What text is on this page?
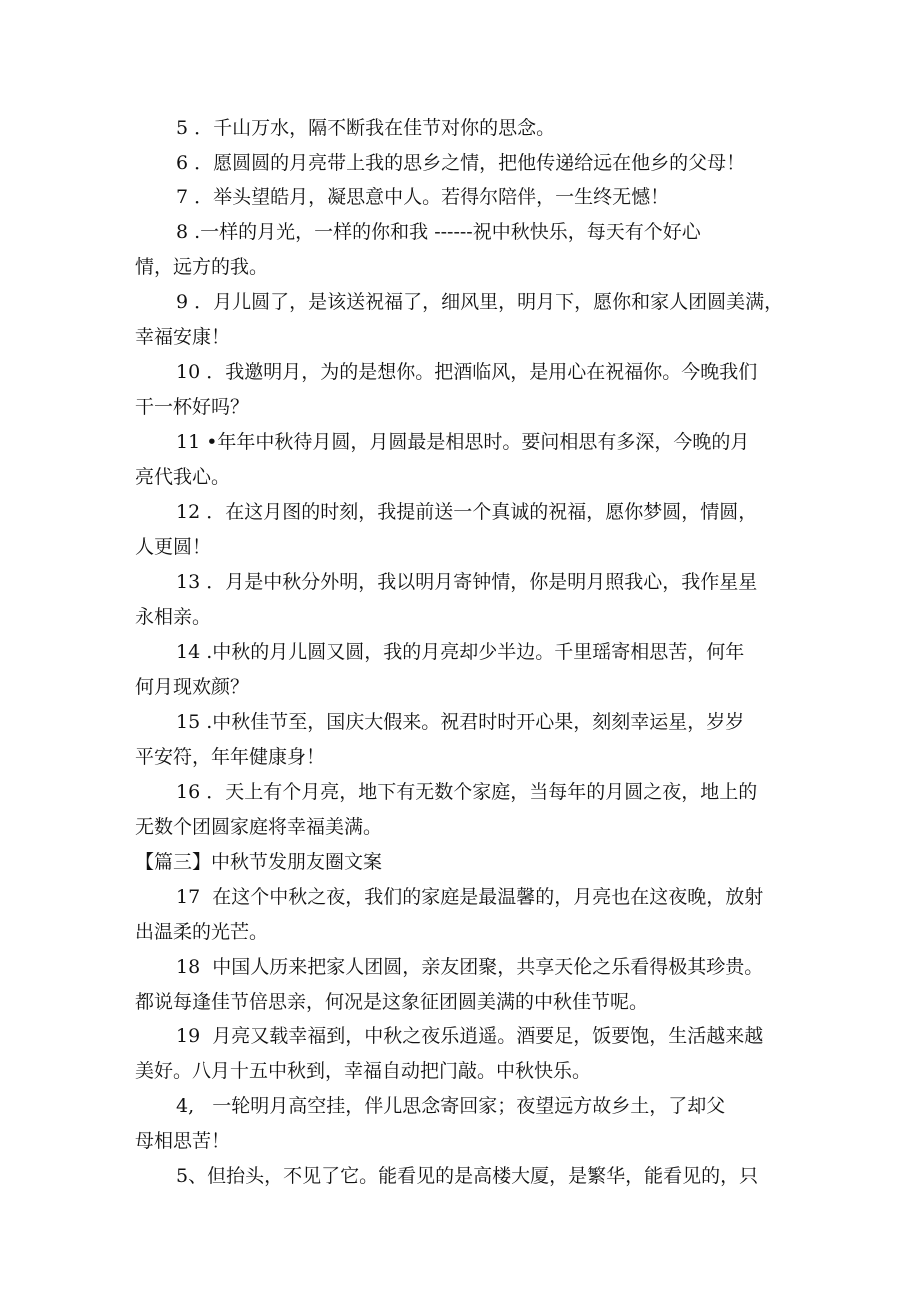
5 ．千山万水，隔不断我在佳节对你的思念。
6 ．愿圆圆的月亮带上我的思乡之情，把他传递给远在他乡的父母！
7 ．举头望皓月，凝思意中人。若得尔陪伴，一生终无憾！
8 .一样的月光，一样的你和我 ------祝中秋快乐，每天有个好心
情，远方的我。
9 ．月儿圆了，是该送祝福了，细风里，明月下，愿你和家人团圆美满，
幸福安康！
10 ．我邀明月，为的是想你。把酒临风，是用心在祝福你。今晚我们
干一杯好吗？
11 •年年中秋待月圆，月圆最是相思时。要问相思有多深，今晚的月
亮代我心。
12 ．在这月图的时刻，我提前送一个真诚的祝福，愿你梦圆，情圆，
人更圆！
13 ．月是中秋分外明，我以明月寄钟情，你是明月照我心，我作星星
永相亲。
14 .中秋的月儿圆又圆，我的月亮却少半边。千里瑶寄相思苦，何年
何月现欢颜？
15 .中秋佳节至，国庆大假来。祝君时时开心果，刻刻幸运星，岁岁
平安符，年年健康身！
16 ．天上有个月亮，地下有无数个家庭，当每年的月圆之夜，地上的
无数个团圆家庭将幸福美满。
【篇三】中秋节发朋友圈文案
17  在这个中秋之夜，我们的家庭是最温馨的，月亮也在这夜晚，放射
出温柔的光芒。
18  中国人历来把家人团圆，亲友团聚，共享天伦之乐看得极其珍贵。
都说每逢佳节倍思亲，何况是这象征团圆美满的中秋佳节呢。
19  月亮又载幸福到，中秋之夜乐逍遥。酒要足，饭要饱，生活越来越
美好。八月十五中秋到，幸福自动把门敲。中秋快乐。
4,   一轮明月高空挂，伴儿思念寄回家；夜望远方故乡土，了却父
母相思苦！
5、但抬头，不见了它。能看见的是高楼大厦，是繁华，能看见的，只
